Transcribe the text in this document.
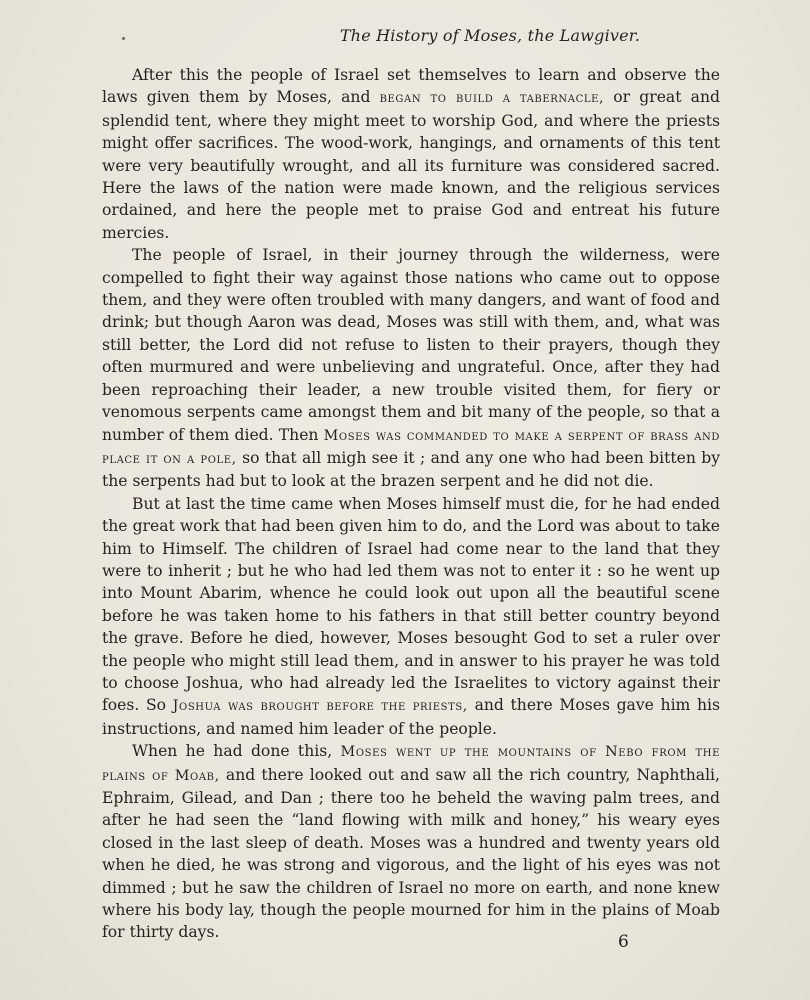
The History of Moses, the Lawgiver.

After this the people of Israel set themselves to learn and observe the laws given them by Moses, and began to build a tabernacle, or great and splendid tent, where they might meet to worship God, and where the priests might offer sacrifices. The wood-work, hangings, and ornaments of this tent were very beautifully wrought, and all its furniture was considered sacred. Here the laws of the nation were made known, and the religious services ordained, and here the people met to praise God and entreat his future mercies.

The people of Israel, in their journey through the wilderness, were compelled to fight their way against those nations who came out to oppose them, and they were often troubled with many dangers, and want of food and drink; but though Aaron was dead, Moses was still with them, and, what was still better, the Lord did not refuse to listen to their prayers, though they often murmured and were unbelieving and ungrateful. Once, after they had been reproaching their leader, a new trouble visited them, for fiery or venomous serpents came amongst them and bit many of the people, so that a number of them died. Then Moses was commanded to make a serpent of brass and place it on a pole, so that all migh see it ; and any one who had been bitten by the serpents had but to look at the brazen serpent and he did not die.

But at last the time came when Moses himself must die, for he had ended the great work that had been given him to do, and the Lord was about to take him to Himself. The children of Israel had come near to the land that they were to inherit ; but he who had led them was not to enter it : so he went up into Mount Abarim, whence he could look out upon all the beautiful scene before he was taken home to his fathers in that still better country beyond the grave. Before he died, however, Moses besought God to set a ruler over the people who might still lead them, and in answer to his prayer he was told to choose Joshua, who had already led the Israelites to victory against their foes. So Joshua was brought before the priests, and there Moses gave him his instructions, and named him leader of the people.

When he had done this, Moses went up the mountains of Nebo from the plains of Moab, and there looked out and saw all the rich country, Naphthali, Ephraim, Gilead, and Dan ; there too he beheld the waving palm trees, and after he had seen the “land flowing with milk and honey,” his weary eyes closed in the last sleep of death. Moses was a hundred and twenty years old when he died, he was strong and vigorous, and the light of his eyes was not dimmed ; but he saw the children of Israel no more on earth, and none knew where his body lay, though the people mourned for him in the plains of Moab for thirty days.	6
